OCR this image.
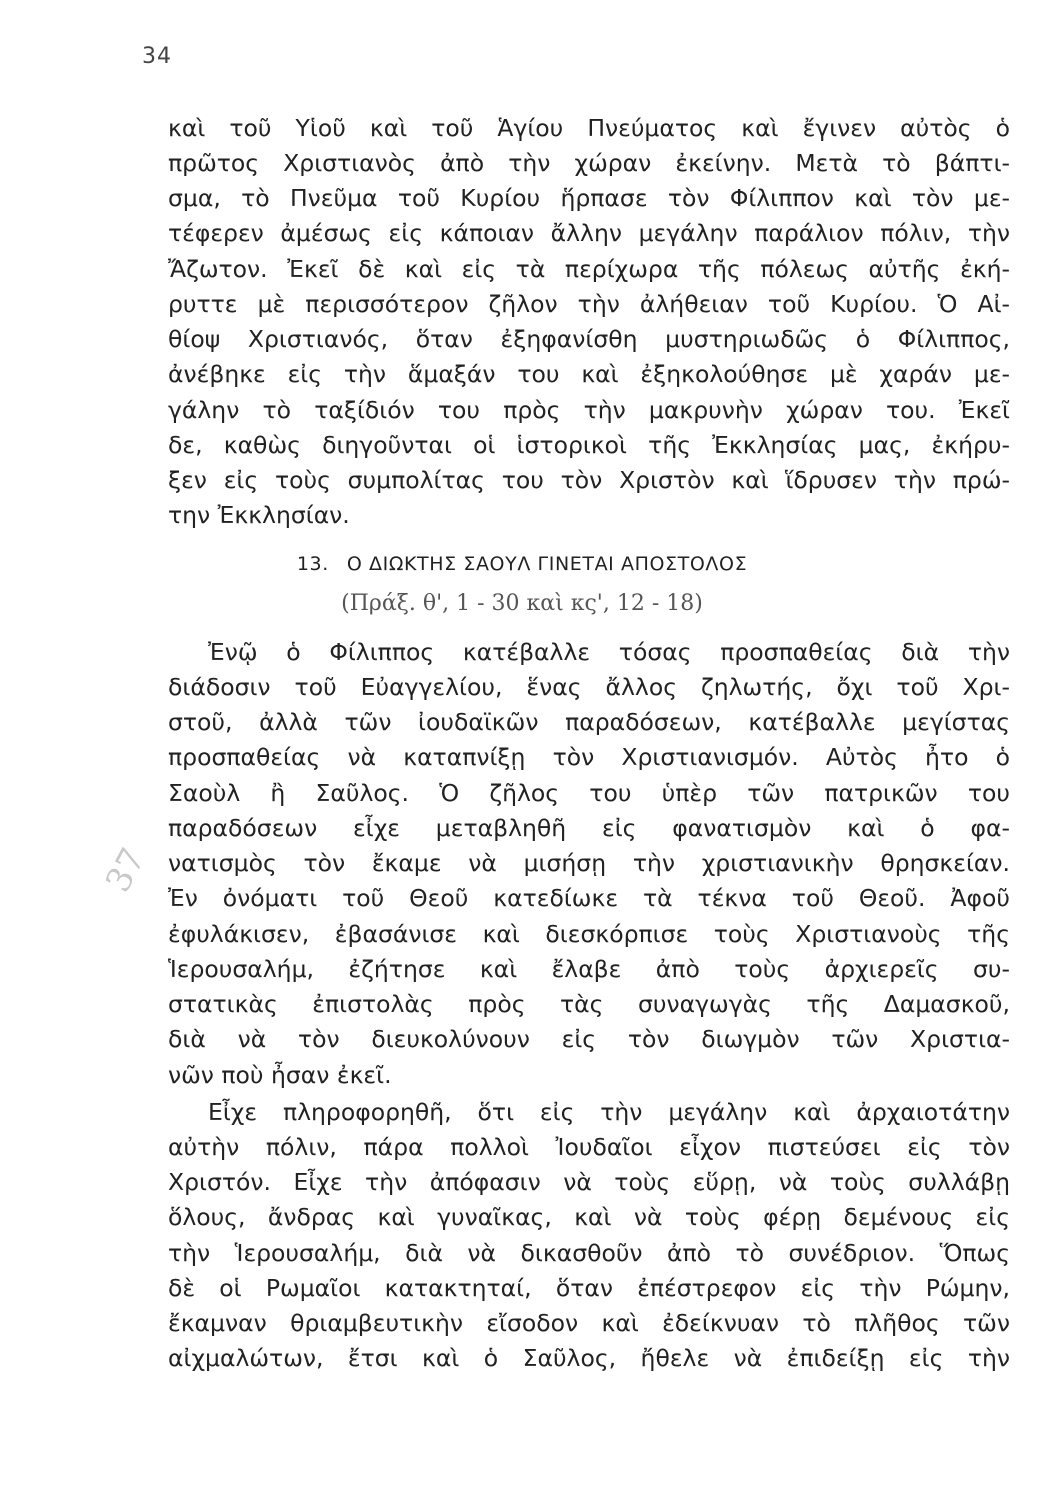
34
καὶ τοῦ Υἱοῦ καὶ τοῦ Ἁγίου Πνεύματος καὶ ἔγινεν αὐτὸς ὁ
πρῶτος Χριστιανὸς ἀπὸ τὴν χώραν ἐκείνην. Μετὰ τὸ βάπτι-
σμα, τὸ Πνεῦμα τοῦ Κυρίου ἥρπασε τὸν Φίλιππον καὶ τὸν με-
τέφερεν ἀμέσως εἰς κάποιαν ἄλλην μεγάλην παράλιον πόλιν, τὴν
Ἄζωτον. Ἐκεῖ δὲ καὶ εἰς τὰ περίχωρα τῆς πόλεως αὐτῆς ἐκή-
ρυττε μὲ περισσότερον ζῆλον τὴν ἀλήθειαν τοῦ Κυρίου. Ὁ Αἰ-
θίοψ Χριστιανός, ὅταν ἐξηφανίσθη μυστηριωδῶς ὁ Φίλιππος,
ἀνέβηκε εἰς τὴν ἅμαξάν του καὶ ἐξηκολούθησε μὲ χαράν με-
γάλην τὸ ταξίδιόν του πρὸς τὴν μακρυνὴν χώραν του. Ἐκεῖ
δε, καθὼς διηγοῦνται οἱ ἱστορικοὶ τῆς Ἐκκλησίας μας, ἐκήρυ-
ξεν εἰς τοὺς συμπολίτας του τὸν Χριστὸν καὶ ἵδρυσεν τὴν πρώ-
την Ἐκκλησίαν.
13. Ο ΔΙΩΚΤΗΣ ΣΑΟΥΛ ΓΙΝΕΤΑΙ ΑΠΟΣΤΟΛΟΣ
(Πράξ. θ', 1 - 30 καὶ κς', 12 - 18)
Ἐνῷ ὁ Φίλιππος κατέβαλλε τόσας προσπαθείας διὰ τὴν
διάδοσιν τοῦ Εὐαγγελίου, ἕνας ἄλλος ζηλωτής, ὄχι τοῦ Χρι-
στοῦ, ἀλλὰ τῶν ἰουδαϊκῶν παραδόσεων, κατέβαλλε μεγίστας
προσπαθείας νὰ καταπνίξῃ τὸν Χριστιανισμόν. Αὐτὸς ἦτο ὁ
Σαοὺλ ἢ Σαῦλος. Ὁ ζῆλος του ὑπὲρ τῶν πατρικῶν του
παραδόσεων εἶχε μεταβληθῆ εἰς φανατισμὸν καὶ ὁ φα-
νατισμὸς τὸν ἔκαμε νὰ μισήσῃ τὴν χριστιανικὴν θρησκείαν.
Ἐν ὀνόματι τοῦ Θεοῦ κατεδίωκε τὰ τέκνα τοῦ Θεοῦ. Ἀφοῦ
ἐφυλάκισεν, ἐβασάνισε καὶ διεσκόρπισε τοὺς Χριστιανοὺς τῆς
Ἱερουσαλήμ, ἐζήτησε καὶ ἔλαβε ἀπὸ τοὺς ἀρχιερεῖς συ-
στατικὰς ἐπιστολὰς πρὸς τὰς συναγωγὰς τῆς Δαμασκοῦ,
διὰ νὰ τὸν διευκολύνουν εἰς τὸν διωγμὸν τῶν Χριστια-
νῶν ποὺ ἦσαν ἐκεῖ.
Εἶχε πληροφορηθῆ, ὅτι εἰς τὴν μεγάλην καὶ ἀρχαιοτάτην
αὐτὴν πόλιν, πάρα πολλοὶ Ἰουδαῖοι εἶχον πιστεύσει εἰς τὸν
Χριστόν. Εἶχε τὴν ἀπόφασιν νὰ τοὺς εὕρῃ, νὰ τοὺς συλλάβῃ
ὅλους, ἄνδρας καὶ γυναῖκας, καὶ νὰ τοὺς φέρῃ δεμένους εἰς
τὴν Ἱερουσαλήμ, διὰ νὰ δικασθοῦν ἀπὸ τὸ συνέδριον. Ὅπως
δὲ οἱ Ρωμαῖοι κατακτηταί, ὅταν ἐπέστρεφον εἰς τὴν Ρώμην,
ἔκαμναν θριαμβευτικὴν εἴσοδον καὶ ἐδείκνυαν τὸ πλῆθος τῶν
αἰχμαλώτων, ἔτσι καὶ ὁ Σαῦλος, ἤθελε νὰ ἐπιδείξῃ εἰς τὴν
37
